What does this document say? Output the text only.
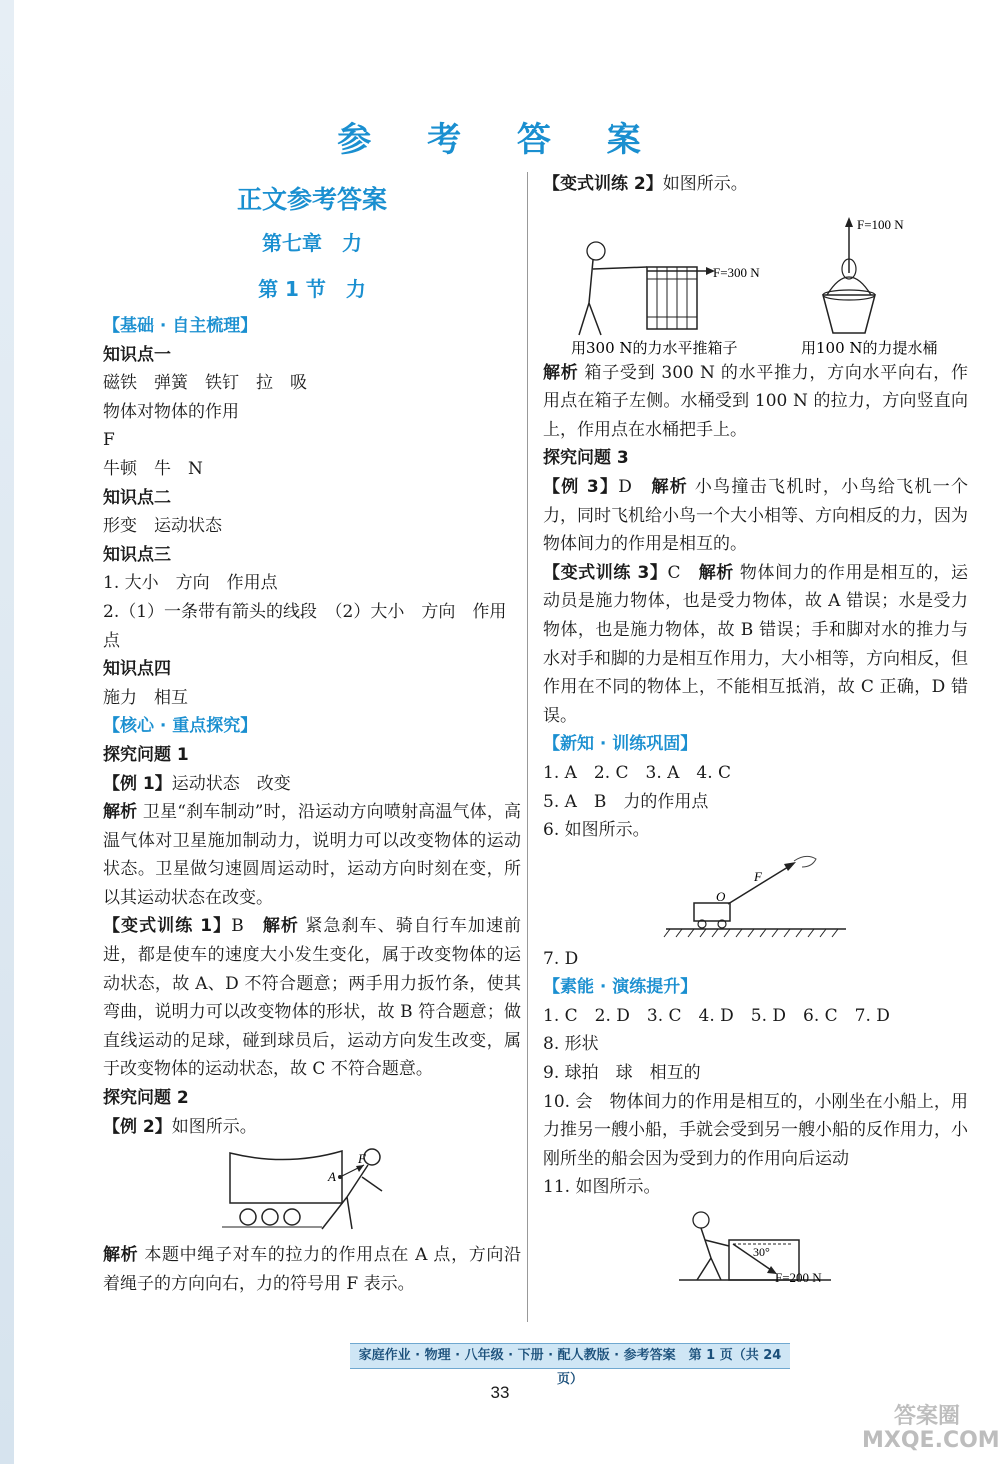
参 考 答 案

正文参考答案

第七章　力

第 1 节　力

【基础 · 自主梳理】

知识点一

磁铁　弹簧　铁钉　拉　吸

物体对物体的作用

F

牛顿　牛　N

知识点二

形变　运动状态

知识点三

1. 大小　方向　作用点

2.（1）一条带有箭头的线段　（2）大小　方向　作用点

知识点四

施力　相互

【核心 · 重点探究】

探究问题 1

【例 1】运动状态　改变

解析 卫星“刹车制动”时，沿运动方向喷射高温气体，高温气体对卫星施加制动力，说明力可以改变物体的运动状态。卫星做匀速圆周运动时，运动方向时刻在变，所以其运动状态在改变。

【变式训练 1】B　 解析 紧急刹车、骑自行车加速前进，都是使车的速度大小发生变化，属于改变物体的运动状态，故 A、D 不符合题意；两手用力扳竹条，使其弯曲，说明力可以改变物体的形状，故 B 符合题意；做直线运动的足球，碰到球员后，运动方向发生改变，属于改变物体的运动状态，故 C 不符合题意。

探究问题 2

【例 2】如图所示。

A
F

解析 本题中绳子对车的拉力的作用点在 A 点，方向沿着绳子的方向向右，力的符号用 F 表示。

【变式训练 2】如图所示。

F=300 N
F=100 N
用300 N的力水平推箱子	用100 N的力提水桶

解析 箱子受到 300 N 的水平推力，方向水平向右，作用点在箱子左侧。水桶受到 100 N 的拉力，方向竖直向上，作用点在水桶把手上。

探究问题 3

【例 3】D　 解析 小鸟撞击飞机时，小鸟给飞机一个力，同时飞机给小鸟一个大小相等、方向相反的力，因为物体间力的作用是相互的。

【变式训练 3】C　 解析 物体间力的作用是相互的，运动员是施力物体，也是受力物体，故 A 错误；水是受力物体，也是施力物体，故 B 错误；手和脚对水的推力与水对手和脚的力是相互作用力，大小相等，方向相反，但作用在不同的物体上，不能相互抵消，故 C 正确，D 错误。

【新知 · 训练巩固】

1. A　2. C　3. A　4. C

5. A　B　力的作用点

6. 如图所示。

O
F

7. D

【素能 · 演练提升】

1. C　2. D　3. C　4. D　5. D　6. C　7. D

8. 形状

9. 球拍　球　相互的

10. 会　物体间力的作用是相互的，小刚坐在小船上，用力推另一艘小船，手就会受到另一艘小船的反作用力，小刚所坐的船会因为受到力的作用向后运动

11. 如图所示。

30°
F=200 N
家庭作业 · 物理 · 八年级 · 下册 · 配人教版 · 参考答案　第 1 页（共 24 页）
33
答案圈
MXQE.COM
